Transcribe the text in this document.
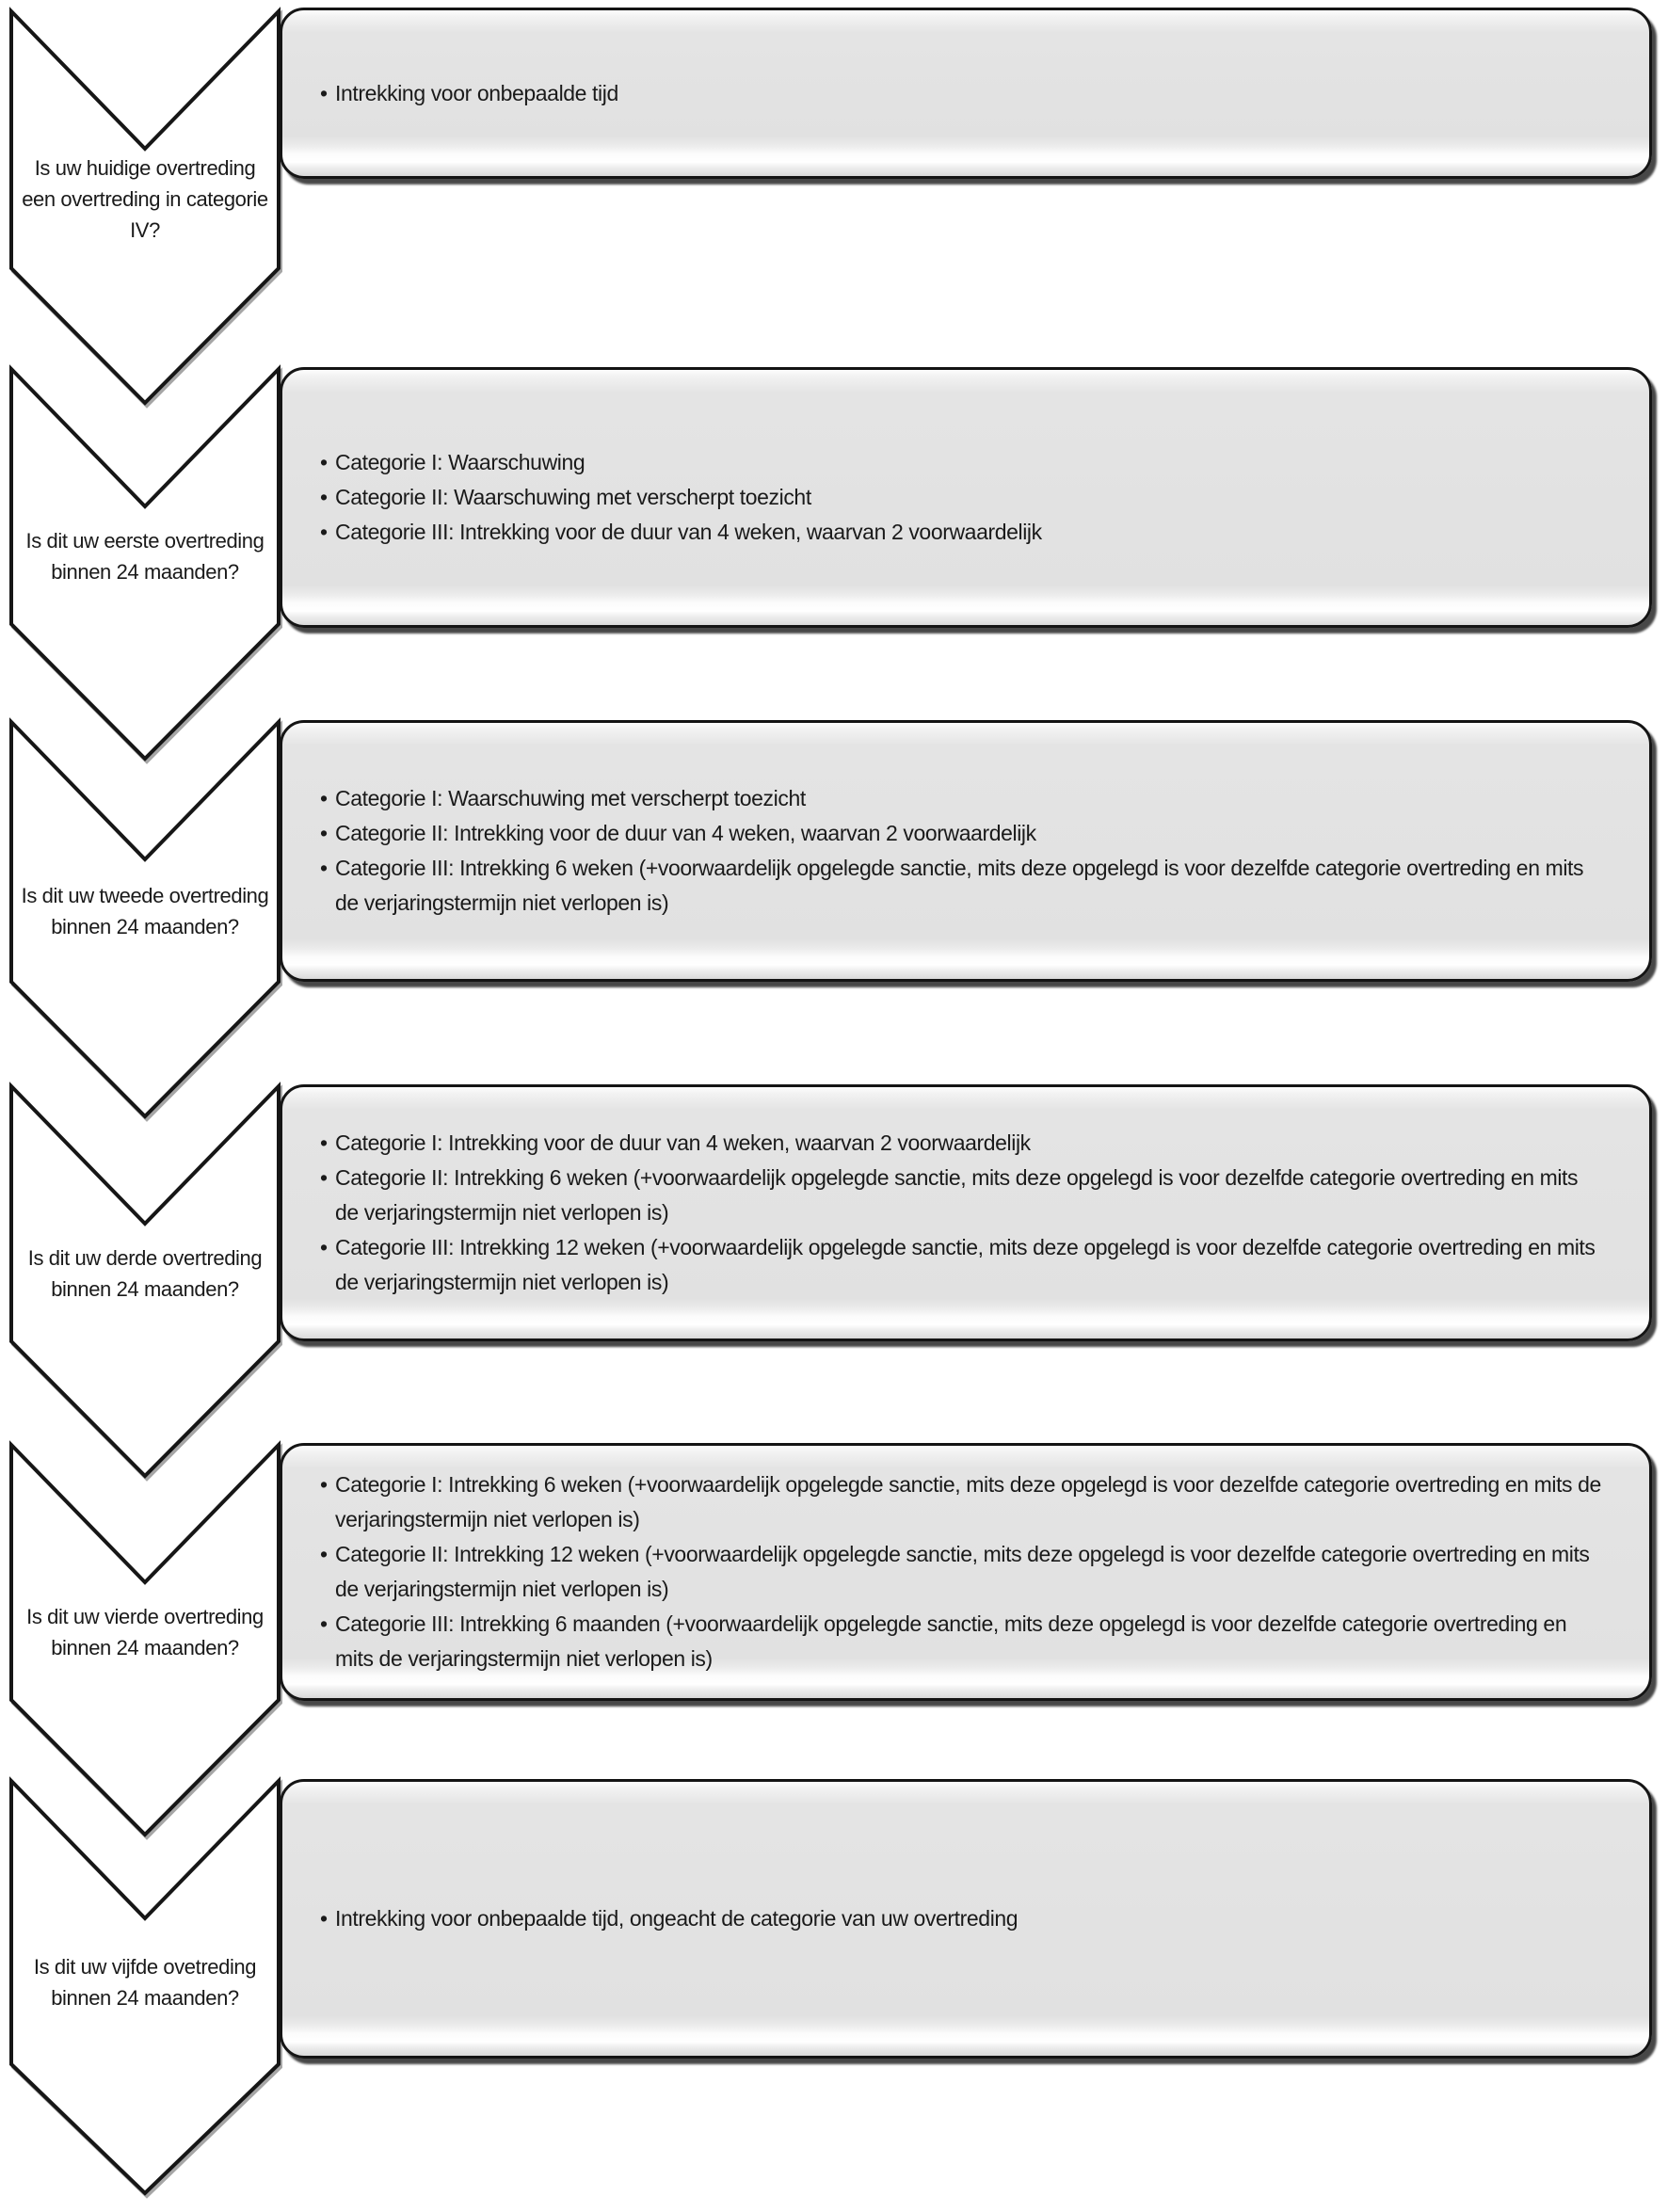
Is uw huidige overtreding een overtreding in categorie IV?
• Intrekking voor onbepaalde tijd
Is dit uw eerste overtreding binnen 24 maanden?
• Categorie I: Waarschuwing
• Categorie II: Waarschuwing met verscherpt toezicht
• Categorie III: Intrekking voor de duur van 4 weken, waarvan 2 voorwaardelijk
Is dit uw tweede overtreding binnen 24 maanden?
• Categorie I: Waarschuwing met verscherpt toezicht
• Categorie II: Intrekking voor de duur van 4 weken, waarvan 2 voorwaardelijk
• Categorie III: Intrekking 6 weken (+voorwaardelijk opgelegde sanctie, mits deze opgelegd is voor dezelfde categorie overtreding en mits de verjaringstermijn niet verlopen is)
Is dit uw derde overtreding binnen 24 maanden?
• Categorie I: Intrekking voor de duur van 4 weken, waarvan 2 voorwaardelijk
• Categorie II: Intrekking 6 weken (+voorwaardelijk opgelegde sanctie, mits deze opgelegd is voor dezelfde categorie overtreding en mits de verjaringstermijn niet verlopen is)
• Categorie III: Intrekking 12 weken (+voorwaardelijk opgelegde sanctie, mits deze opgelegd is voor dezelfde categorie overtreding en mits de verjaringstermijn niet verlopen is)
Is dit uw vierde overtreding binnen 24 maanden?
• Categorie I: Intrekking 6 weken (+voorwaardelijk opgelegde sanctie, mits deze opgelegd is voor dezelfde categorie overtreding en mits de verjaringstermijn niet verlopen is)
• Categorie II: Intrekking 12 weken (+voorwaardelijk opgelegde sanctie, mits deze opgelegd is voor dezelfde categorie overtreding en mits de verjaringstermijn niet verlopen is)
• Categorie III: Intrekking 6 maanden (+voorwaardelijk opgelegde sanctie, mits deze opgelegd is voor dezelfde categorie overtreding en mits de verjaringstermijn niet verlopen is)
Is dit uw vijfde ovetreding binnen 24 maanden?
• Intrekking voor onbepaalde tijd, ongeacht de categorie van uw overtreding
